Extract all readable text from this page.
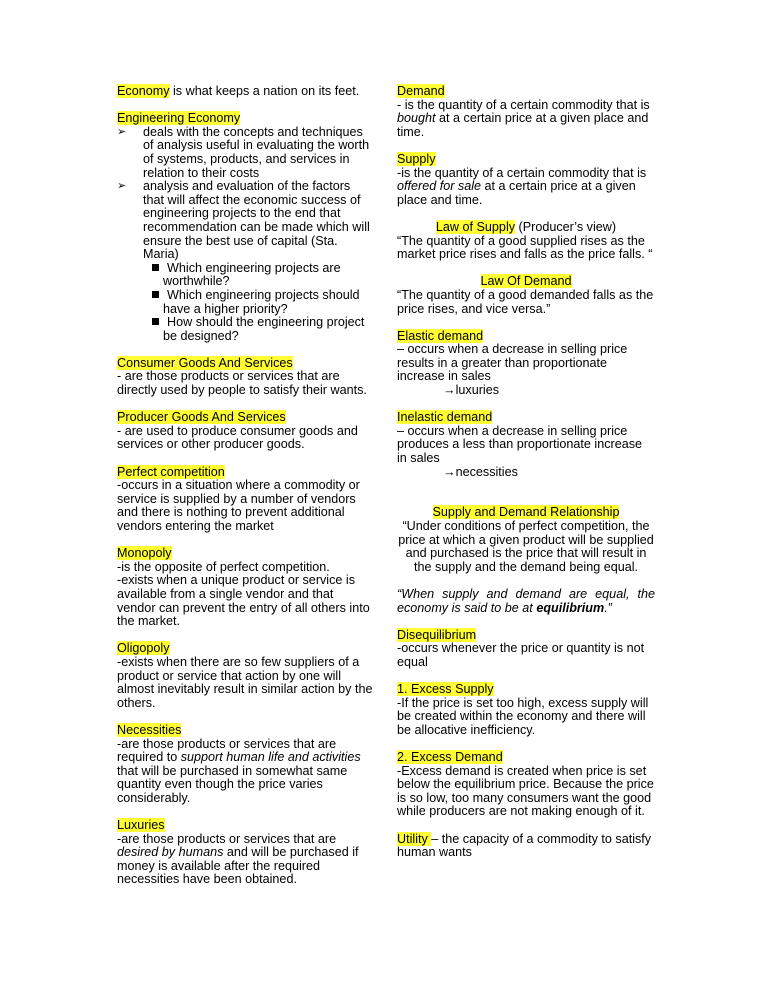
Economy is what keeps a nation on its feet.

Engineering Economy

➢ deals with the concepts and techniques of analysis useful in evaluating the worth of systems, products, and services in relation to their costs

➢ analysis and evaluation of the factors that will affect the economic success of engineering projects to the end that recommendation can be made which will ensure the best use of capital (Sta. Maria)

Which engineering projects are worthwhile?

Which engineering projects should have a higher priority?

How should the engineering project be designed?

Consumer Goods And Services

- are those products or services that are directly used by people to satisfy their wants.

Producer Goods And Services

- are used to produce consumer goods and services or other producer goods.

Perfect competition

-occurs in a situation where a commodity or service is supplied by a number of vendors and there is nothing to prevent additional vendors entering the market

Monopoly

-is the opposite of perfect competition.

-exists when a unique product or service is available from a single vendor and that vendor can prevent the entry of all others into the market.

Oligopoly

-exists when there are so few suppliers of a product or service that action by one will almost inevitably result in similar action by the others.

Necessities

-are those products or services that are required to support human life and activities that will be purchased in somewhat same quantity even though the price varies considerably.

Luxuries

-are those products or services that are desired by humans and will be purchased if money is available after the required necessities have been obtained.

Demand

- is the quantity of a certain commodity that is bought at a certain price at a given place and time.

Supply

-is the quantity of a certain commodity that is offered for sale at a certain price at a given place and time.

Law of Supply (Producer’s view)

“The quantity of a good supplied rises as the market price rises and falls as the price falls. “

Law Of Demand

“The quantity of a good demanded falls as the price rises, and vice versa.”

Elastic demand

– occurs when a decrease in selling price results in a greater than proportionate increase in sales

→luxuries

Inelastic demand

– occurs when a decrease in selling price produces a less than proportionate increase in sales

→necessities

Supply and Demand Relationship

“Under conditions of perfect competition, the price at which a given product will be supplied and purchased is the price that will result in the supply and the demand being equal.

“When supply and demand are equal, the economy is said to be at equilibrium.”

Disequilibrium

-occurs whenever the price or quantity is not equal

1. Excess Supply

-If the price is set too high, excess supply will be created within the economy and there will be allocative inefficiency.

2. Excess Demand

-Excess demand is created when price is set below the equilibrium price. Because the price is so low, too many consumers want the good while producers are not making enough of it.

Utility – the capacity of a commodity to satisfy human wants
